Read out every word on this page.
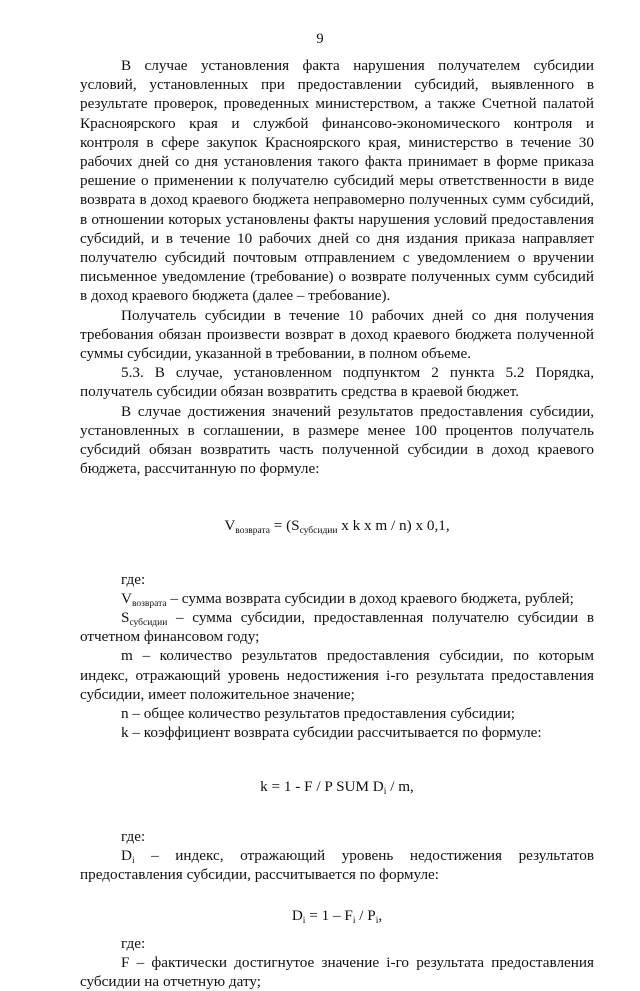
9

В случае установления факта нарушения получателем субсидии условий, установленных при предоставлении субсидий, выявленного в результате проверок, проведенных министерством, а также Счетной палатой Красноярского края и службой финансово-экономического контроля и контроля в сфере закупок Красноярского края, министерство в течение 30 рабочих дней со дня установления такого факта принимает в форме приказа решение о применении к получателю субсидий меры ответственности в виде возврата в доход краевого бюджета неправомерно полученных сумм субсидий, в отношении которых установлены факты нарушения условий предоставления субсидий, и в течение 10 рабочих дней со дня издания приказа направляет получателю субсидий почтовым отправлением с уведомлением о вручении письменное уведомление (требование) о возврате полученных сумм субсидий в доход краевого бюджета (далее – требование).

Получатель субсидии в течение 10 рабочих дней со дня получения требования обязан произвести возврат в доход краевого бюджета полученной суммы субсидии, указанной в требовании, в полном объеме.

5.3. В случае, установленном подпунктом 2 пункта 5.2 Порядка, получатель субсидии обязан возвратить средства в краевой бюджет.

В случае достижения значений результатов предоставления субсидии, установленных в соглашении, в размере менее 100 процентов получатель субсидий обязан возвратить часть полученной субсидии в доход краевого бюджета, рассчитанную по формуле:

$V_{возврата} = (S_{субсидии}$ x k x m / n) x 0,1,

где:

$V_{возврата}$ – сумма возврата субсидии в доход краевого бюджета, рублей;

$S_{субсидии}$ – сумма субсидии, предоставленная получателю субсидии в отчетном финансовом году;

m – количество результатов предоставления субсидии, по которым индекс, отражающий уровень недостижения i-го результата предоставления субсидии, имеет положительное значение;

n – общее количество результатов предоставления субсидии;

k – коэффициент возврата субсидии рассчитывается по формуле:

k = 1 - F / P SUM $D_i$ / m,

где:

$D_i$ – индекс, отражающий уровень недостижения результатов предоставления субсидии, рассчитывается по формуле:

$D_i = 1 - F_i / P_i$,

где:

F – фактически достигнутое значение i-го результата предоставления субсидии на отчетную дату;
